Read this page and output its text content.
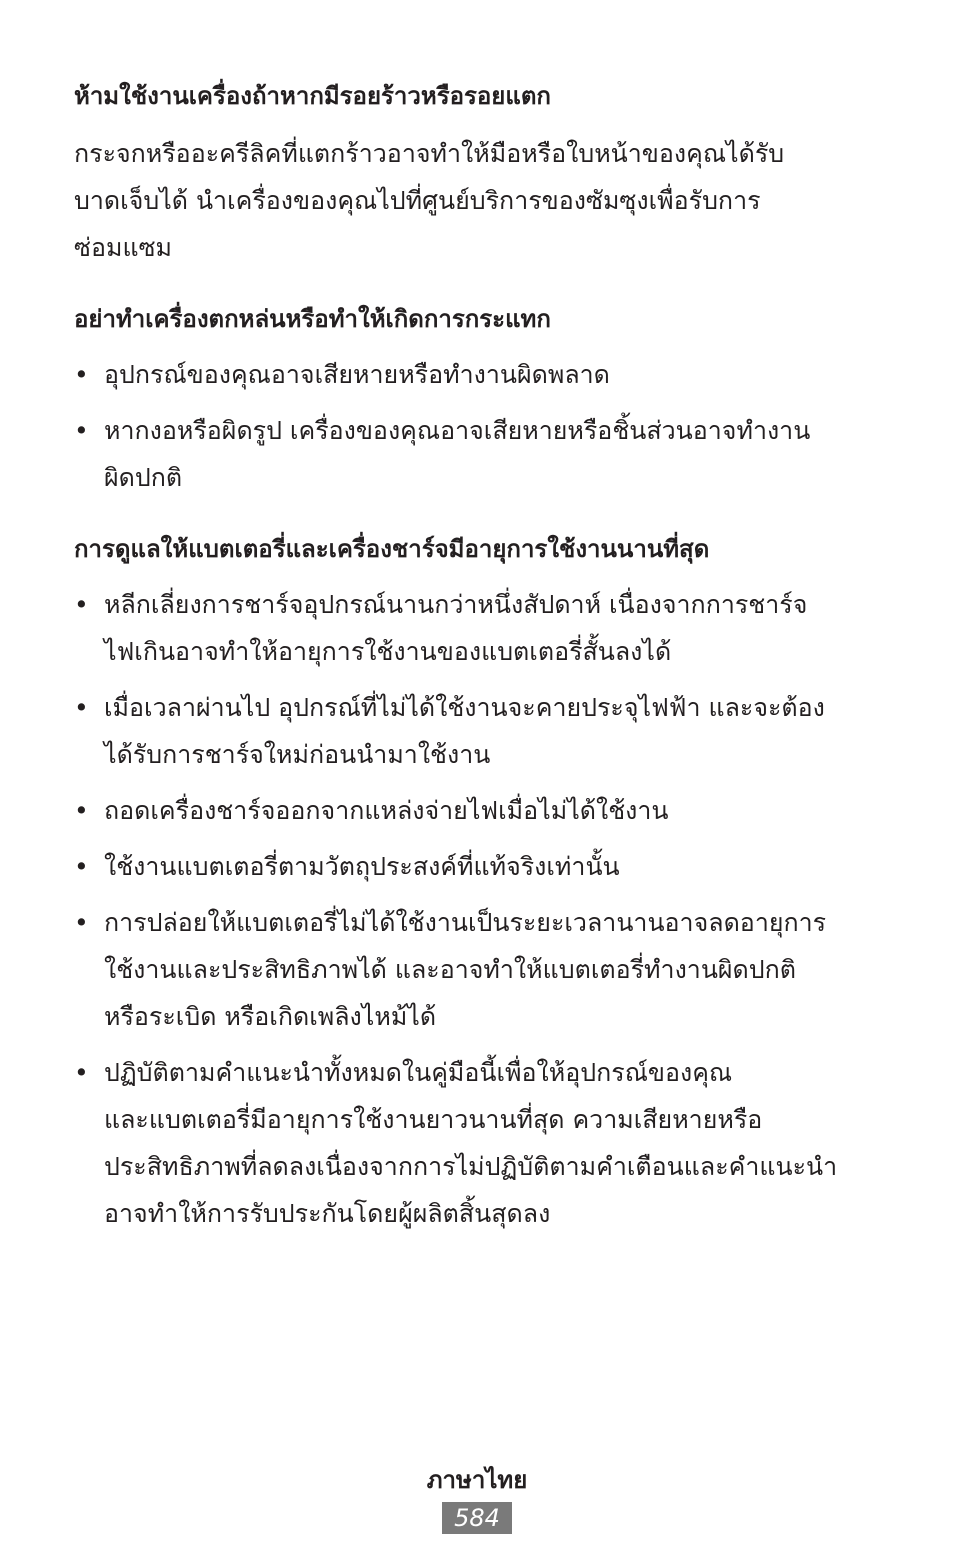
ห้ามใช้งานเครื่องถ้าหากมีรอยร้าวหรือรอยแตก
กระจกหรืออะครีลิคที่แตกร้าวอาจทำให้มือหรือใบหน้าของคุณได้รับ
บาดเจ็บได้ นำเครื่องของคุณไปที่ศูนย์บริการของซัมซุงเพื่อรับการ
ซ่อมแซม
อย่าทำเครื่องตกหล่นหรือทำให้เกิดการกระแทก
• อุปกรณ์ของคุณอาจเสียหายหรือทำงานผิดพลาด
• หากงอหรือผิดรูป เครื่องของคุณอาจเสียหายหรือชิ้นส่วนอาจทำงาน
ผิดปกติ
การดูแลให้แบตเตอรี่และเครื่องชาร์จมีอายุการใช้งานนานที่สุด
• หลีกเลี่ยงการชาร์จอุปกรณ์นานกว่าหนึ่งสัปดาห์ เนื่องจากการชาร์จ
ไฟเกินอาจทำให้อายุการใช้งานของแบตเตอรี่สั้นลงได้
• เมื่อเวลาผ่านไป อุปกรณ์ที่ไม่ได้ใช้งานจะคายประจุไฟฟ้า และจะต้อง
ได้รับการชาร์จใหม่ก่อนนำมาใช้งาน
• ถอดเครื่องชาร์จออกจากแหล่งจ่ายไฟเมื่อไม่ได้ใช้งาน
• ใช้งานแบตเตอรี่ตามวัตถุประสงค์ที่แท้จริงเท่านั้น
• การปล่อยให้แบตเตอรี่ไม่ได้ใช้งานเป็นระยะเวลานานอาจลดอายุการ
ใช้งานและประสิทธิภาพได้ และอาจทำให้แบตเตอรี่ทำงานผิดปกติ
หรือระเบิด หรือเกิดเพลิงไหม้ได้
• ปฏิบัติตามคำแนะนำทั้งหมดในคู่มือนี้เพื่อให้อุปกรณ์ของคุณ
และแบตเตอรี่มีอายุการใช้งานยาวนานที่สุด ความเสียหายหรือ
ประสิทธิภาพที่ลดลงเนื่องจากการไม่ปฏิบัติตามคำเตือนและคำแนะนำ
อาจทำให้การรับประกันโดยผู้ผลิตสิ้นสุดลง
ภาษาไทย
584
